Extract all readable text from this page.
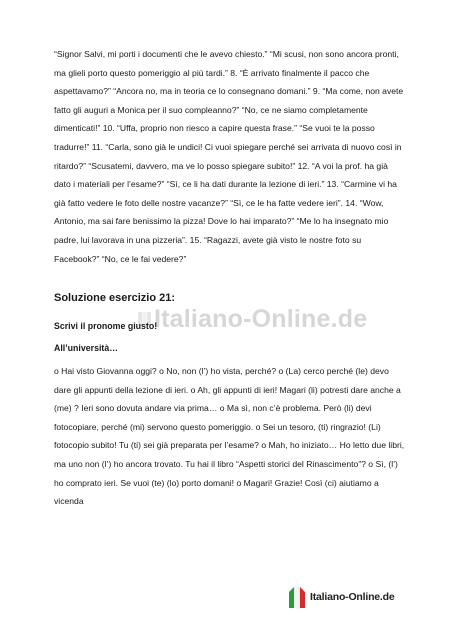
“Signor Salvi, mi porti i documenti che le avevo chiesto.” “Mi scusi, non sono ancora pronti, ma glieli porto questo pomeriggio al più tardi.” 8. “È arrivato finalmente il pacco che aspettavamo?” “Ancora no, ma in teoria ce lo consegnano domani.” 9. “Ma come, non avete fatto gli auguri a Monica per il suo compleanno?” “No, ce ne siamo completamente dimenticati!” 10. “Uffa, proprio non riesco a capire questa frase.” “Se vuoi te la posso tradurre!” 11. “Carla, sono già le undici! Ci vuoi spiegare perché sei arrivata di nuovo così in ritardo?” “Scusatemi, davvero, ma ve lo posso spiegare subito!” 12. “A voi la prof. ha già dato i materiali per l’esame?” “Sì, ce li ha dati durante la lezione di ieri.” 13. “Carmine vi ha già fatto vedere le foto delle nostre vacanze?” “Sì, ce le ha fatte vedere ieri”. 14. “Wow, Antonio, ma sai fare benissimo la pizza! Dove lo hai imparato?” “Me lo ha insegnato mio padre, lui lavorava in una pizzeria”. 15. “Ragazzi, avete già visto le nostre foto su Facebook?” “No, ce le fai vedere?”

Italiano-Online.de
Soluzione esercizio 21:

Scrivi il pronome giusto!

All’università…

o Hai visto Giovanna oggi? o No, non (l’) ho vista, perché? o (La) cerco perché (le) devo dare gli appunti della lezione di ieri. o Ah, gli appunti di ieri! Magari (li) potresti dare anche a (me) ? Ieri sono dovuta andare via prima… o Ma sì, non c’è problema. Però (li) devi fotocopiare, perché (mi) servono questo pomeriggio. o Sei un tesoro, (ti) ringrazio! (Li) fotocopio subito! Tu (ti) sei già preparata per l’esame? o Mah, ho iniziato… Ho letto due libri, ma uno non (l’) ho ancora trovato. Tu hai il libro “Aspetti storici del Rinascimento”? o Sì, (l’) ho comprato ieri. Se vuoi (te) (lo) porto domani! o Magari! Grazie! Così (ci) aiutiamo a vicenda

Italiano-Online.de
